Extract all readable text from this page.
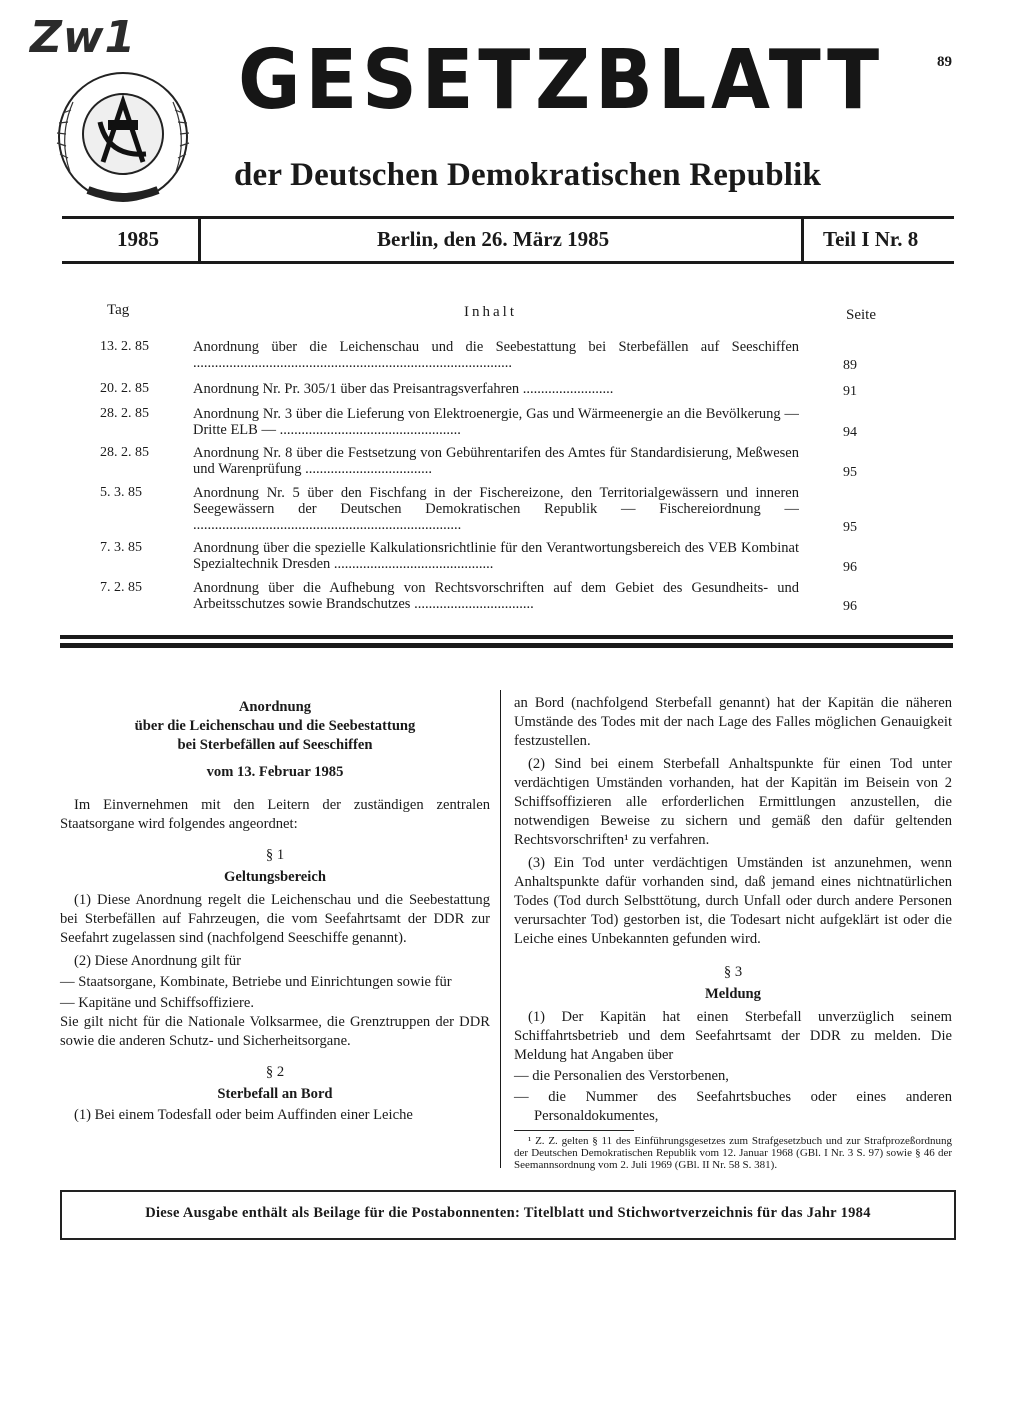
Zw1 GESETZBLATT
der Deutschen Demokratischen Republik
89
1985	Berlin, den 26. März 1985	Teil I Nr. 8
Tag	Inhalt	Seite
13. 2. 85	Anordnung über die Leichenschau und die Seebestattung bei Sterbefällen auf Seeschiffen ........................................................................................	89
20. 2. 85	Anordnung Nr. Pr. 305/1 über das Preisantragsverfahren .........................	91
28. 2. 85	Anordnung Nr. 3 über die Lieferung von Elektroenergie, Gas und Wärmeenergie an die Bevölkerung — Dritte ELB — ..................................................	94
28. 2. 85	Anordnung Nr. 8 über die Festsetzung von Gebührentarifen des Amtes für Standardisierung, Meßwesen und Warenprüfung ...................................	95
5. 3. 85	Anordnung Nr. 5 über den Fischfang in der Fischereizone, den Territorialgewässern und inneren Seegewässern der Deutschen Demokratischen Republik — Fischereiordnung — ..........................................................................	95
7. 3. 85	Anordnung über die spezielle Kalkulationsrichtlinie für den Verantwortungsbereich des VEB Kombinat Spezialtechnik Dresden ............................................	96
7. 2. 85	Anordnung über die Aufhebung von Rechtsvorschriften auf dem Gebiet des Gesundheits- und Arbeitsschutzes sowie Brandschutzes .................................	96

Anordnung

über die Leichenschau und die Seebestattung

bei Sterbefällen auf Seeschiffen

vom 13. Februar 1985

Im Einvernehmen mit den Leitern der zuständigen zentralen Staatsorgane wird folgendes angeordnet:

§ 1

Geltungsbereich

(1) Diese Anordnung regelt die Leichenschau und die Seebestattung bei Sterbefällen auf Fahrzeugen, die vom Seefahrtsamt der DDR zur Seefahrt zugelassen sind (nachfolgend Seeschiffe genannt).

(2) Diese Anordnung gilt für

— Staatsorgane, Kombinate, Betriebe und Einrichtungen sowie für

— Kapitäne und Schiffsoffiziere.

Sie gilt nicht für die Nationale Volksarmee, die Grenztruppen der DDR sowie die anderen Schutz- und Sicherheitsorgane.

§ 2

Sterbefall an Bord

(1) Bei einem Todesfall oder beim Auffinden einer Leiche

an Bord (nachfolgend Sterbefall genannt) hat der Kapitän die näheren Umstände des Todes mit der nach Lage des Falles möglichen Genauigkeit festzustellen.

(2) Sind bei einem Sterbefall Anhaltspunkte für einen Tod unter verdächtigen Umständen vorhanden, hat der Kapitän im Beisein von 2 Schiffsoffizieren alle erforderlichen Ermittlungen anzustellen, die notwendigen Beweise zu sichern und gemäß den dafür geltenden Rechtsvorschriften¹ zu verfahren.

(3) Ein Tod unter verdächtigen Umständen ist anzunehmen, wenn Anhaltspunkte dafür vorhanden sind, daß jemand eines nichtnatürlichen Todes (Tod durch Selbsttötung, durch Unfall oder durch andere Personen verursachter Tod) gestorben ist, die Todesart nicht aufgeklärt ist oder die Leiche eines Unbekannten gefunden wird.

§ 3

Meldung

(1) Der Kapitän hat einen Sterbefall unverzüglich seinem Schiffahrtsbetrieb und dem Seefahrtsamt der DDR zu melden. Die Meldung hat Angaben über

— die Personalien des Verstorbenen,

— die Nummer des Seefahrtsbuches oder eines anderen Personaldokumentes,

¹ Z. Z. gelten § 11 des Einführungsgesetzes zum Strafgesetzbuch und zur Strafprozeßordnung der Deutschen Demokratischen Republik vom 12. Januar 1968 (GBl. I Nr. 3 S. 97) sowie § 46 der Seemannsordnung vom 2. Juli 1969 (GBl. II Nr. 58 S. 381).

Diese Ausgabe enthält als Beilage für die Postabonnenten: Titelblatt und Stichwortverzeichnis für das Jahr 1984
